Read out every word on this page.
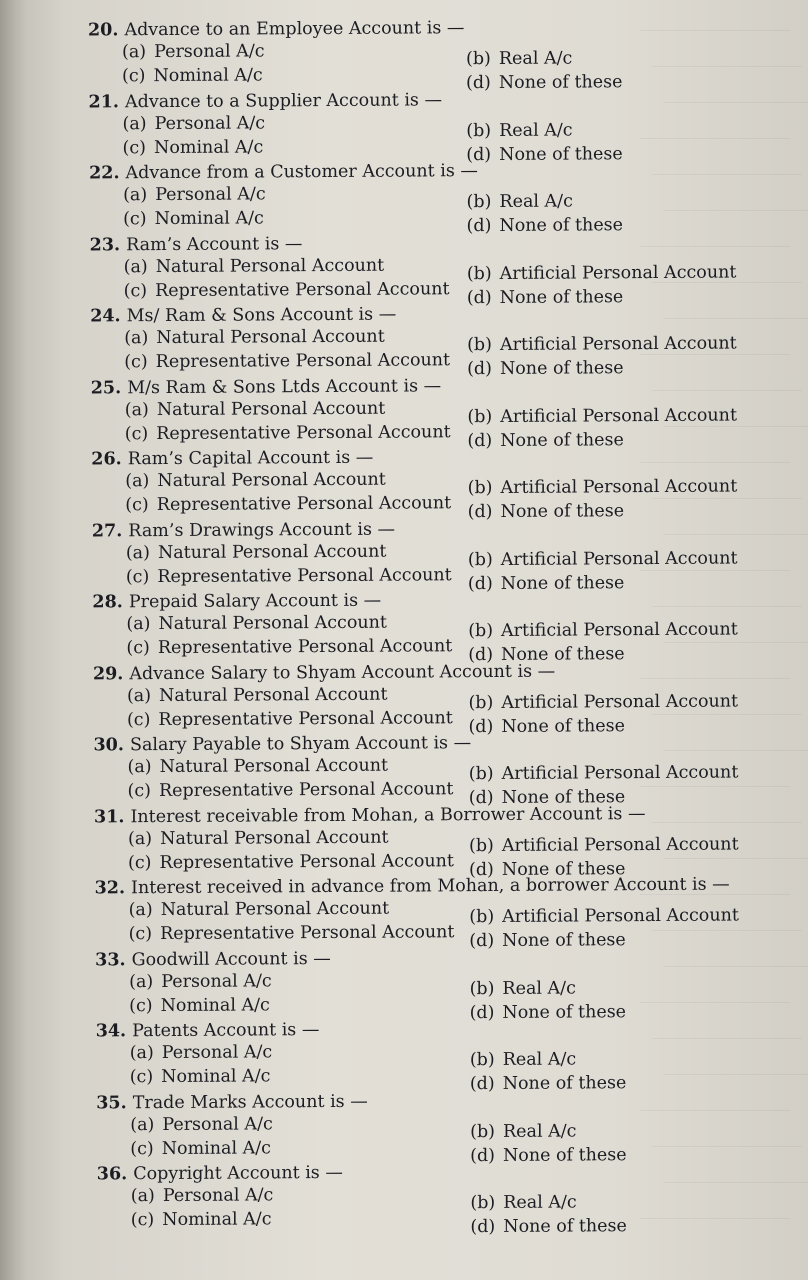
20. Advance to an Employee Account is —
(a) Personal A/c
(c) Nominal A/c
(b) Real A/c
(d) None of these
21. Advance to a Supplier Account is —
(a) Personal A/c
(c) Nominal A/c
(b) Real A/c
(d) None of these
22. Advance from a Customer Account is —
(a) Personal A/c
(c) Nominal A/c
(b) Real A/c
(d) None of these
23. Ram’s Account is —
(a) Natural Personal Account
(c) Representative Personal Account
(b) Artificial Personal Account
(d) None of these
24. Ms/ Ram & Sons Account is —
(a) Natural Personal Account
(c) Representative Personal Account
(b) Artificial Personal Account
(d) None of these
25. M/s Ram & Sons Ltds Account is —
(a) Natural Personal Account
(c) Representative Personal Account
(b) Artificial Personal Account
(d) None of these
26. Ram’s Capital Account is —
(a) Natural Personal Account
(c) Representative Personal Account
(b) Artificial Personal Account
(d) None of these
27. Ram’s Drawings Account is —
(a) Natural Personal Account
(c) Representative Personal Account
(b) Artificial Personal Account
(d) None of these
28. Prepaid Salary Account is —
(a) Natural Personal Account
(c) Representative Personal Account
(b) Artificial Personal Account
(d) None of these
29. Advance Salary to Shyam Account Account is —
(a) Natural Personal Account
(c) Representative Personal Account
(b) Artificial Personal Account
(d) None of these
30. Salary Payable to Shyam Account is —
(a) Natural Personal Account
(c) Representative Personal Account
(b) Artificial Personal Account
(d) None of these
31. Interest receivable from Mohan, a Borrower Account is —
(a) Natural Personal Account
(c) Representative Personal Account
(b) Artificial Personal Account
(d) None of these
32. Interest received in advance from Mohan, a borrower Account is —
(a) Natural Personal Account
(c) Representative Personal Account
(b) Artificial Personal Account
(d) None of these
33. Goodwill Account is —
(a) Personal A/c
(c) Nominal A/c
(b) Real A/c
(d) None of these
34. Patents Account is —
(a) Personal A/c
(c) Nominal A/c
(b) Real A/c
(d) None of these
35. Trade Marks Account is —
(a) Personal A/c
(c) Nominal A/c
(b) Real A/c
(d) None of these
36. Copyright Account is —
(a) Personal A/c
(c) Nominal A/c
(b) Real A/c
(d) None of these
